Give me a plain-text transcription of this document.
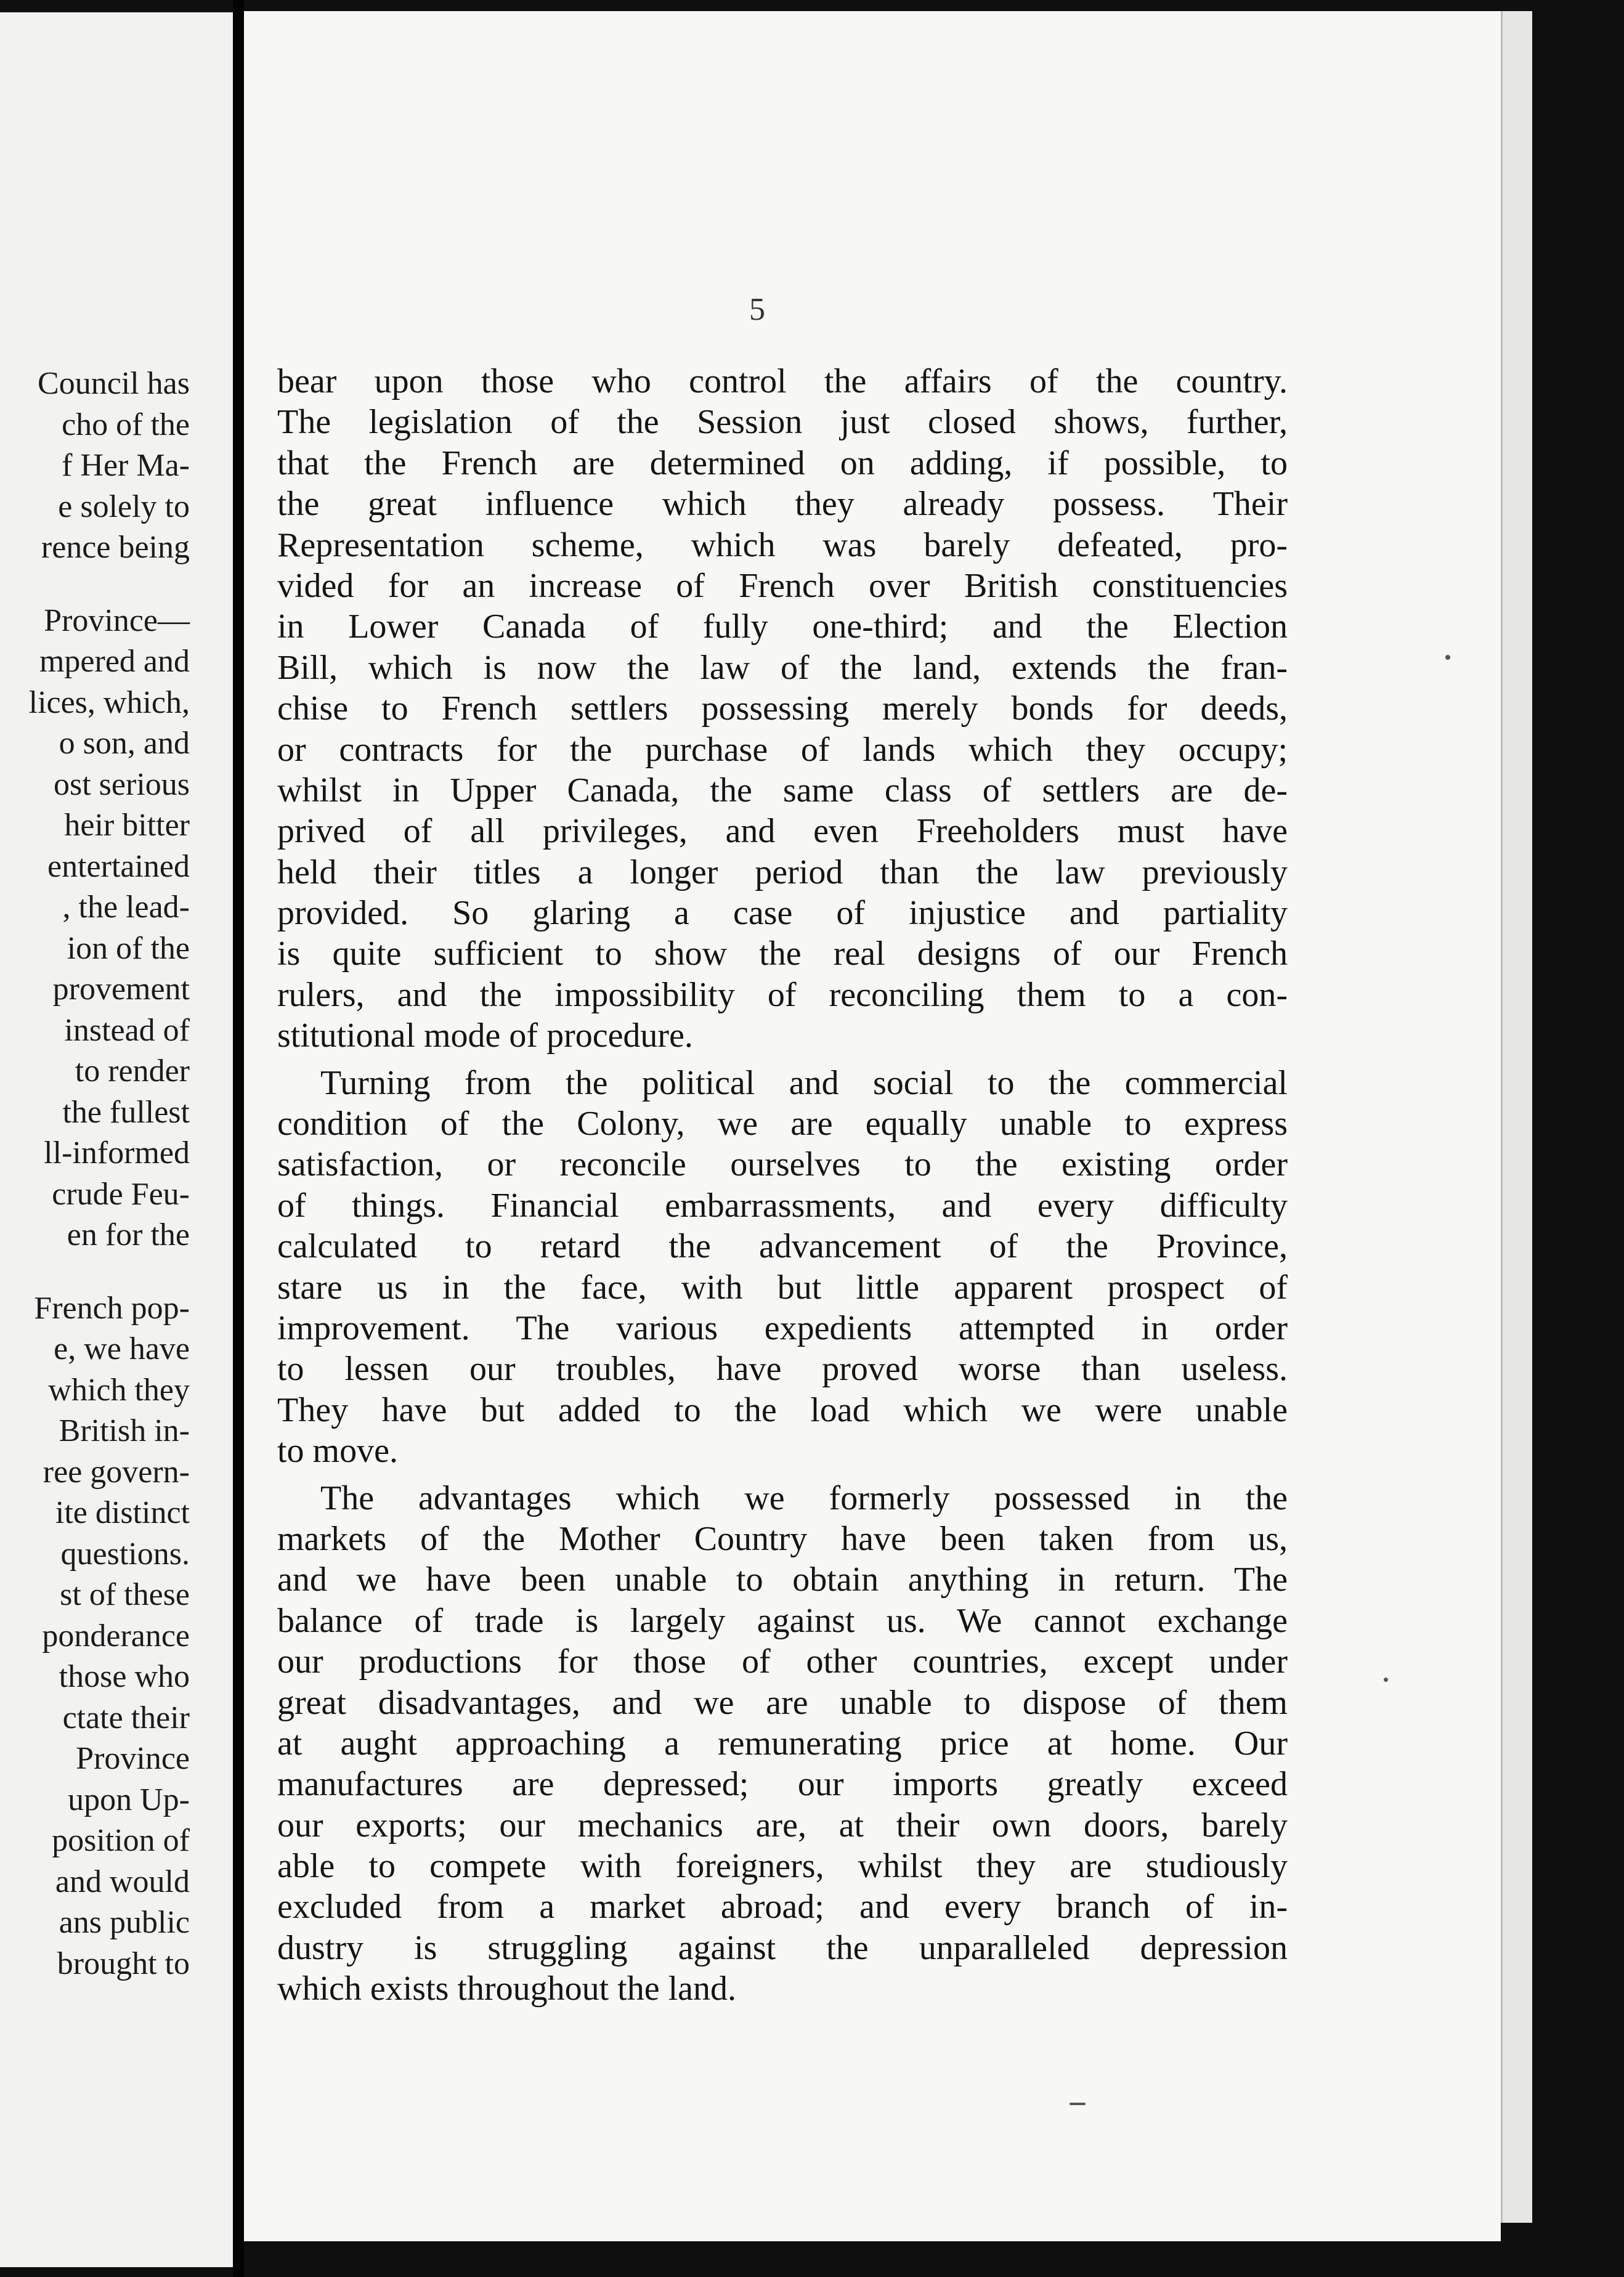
Council has
cho of the
f Her Ma-
e solely to
rence being
Province—
mpered and
lices, which,
o son, and
ost serious
heir bitter
entertained
, the lead-
ion of the
provement
instead of
to render
the fullest
ll-informed
crude Feu-
en for the
French pop-
e, we have
which they
British in-
ree govern-
ite distinct
questions.
st of these
ponderance
those who
ctate their
Province
upon Up-
position of
and would
ans public
brought to
5
bear upon those who control the affairs of the country.
The legislation of the Session just closed shows, further,
that the French are determined on adding, if possible, to
the great influence which they already possess. Their
Representation scheme, which was barely defeated, pro-
vided for an increase of French over British constituencies
in Lower Canada of fully one-third; and the Election
Bill, which is now the law of the land, extends the fran-
chise to French settlers possessing merely bonds for deeds,
or contracts for the purchase of lands which they occupy;
whilst in Upper Canada, the same class of settlers are de-
prived of all privileges, and even Freeholders must have
held their titles a longer period than the law previously
provided. So glaring a case of injustice and partiality
is quite sufficient to show the real designs of our French
rulers, and the impossibility of reconciling them to a con-
stitutional mode of procedure.
Turning from the political and social to the commercial
condition of the Colony, we are equally unable to express
satisfaction, or reconcile ourselves to the existing order
of things. Financial embarrassments, and every difficulty
calculated to retard the advancement of the Province,
stare us in the face, with but little apparent prospect of
improvement. The various expedients attempted in order
to lessen our troubles, have proved worse than useless.
They have but added to the load which we were unable
to move.
The advantages which we formerly possessed in the
markets of the Mother Country have been taken from us,
and we have been unable to obtain anything in return. The
balance of trade is largely against us. We cannot exchange
our productions for those of other countries, except under
great disadvantages, and we are unable to dispose of them
at aught approaching a remunerating price at home. Our
manufactures are depressed; our imports greatly exceed
our exports; our mechanics are, at their own doors, barely
able to compete with foreigners, whilst they are studiously
excluded from a market abroad; and every branch of in-
dustry is struggling against the unparalleled depression
which exists throughout the land.
